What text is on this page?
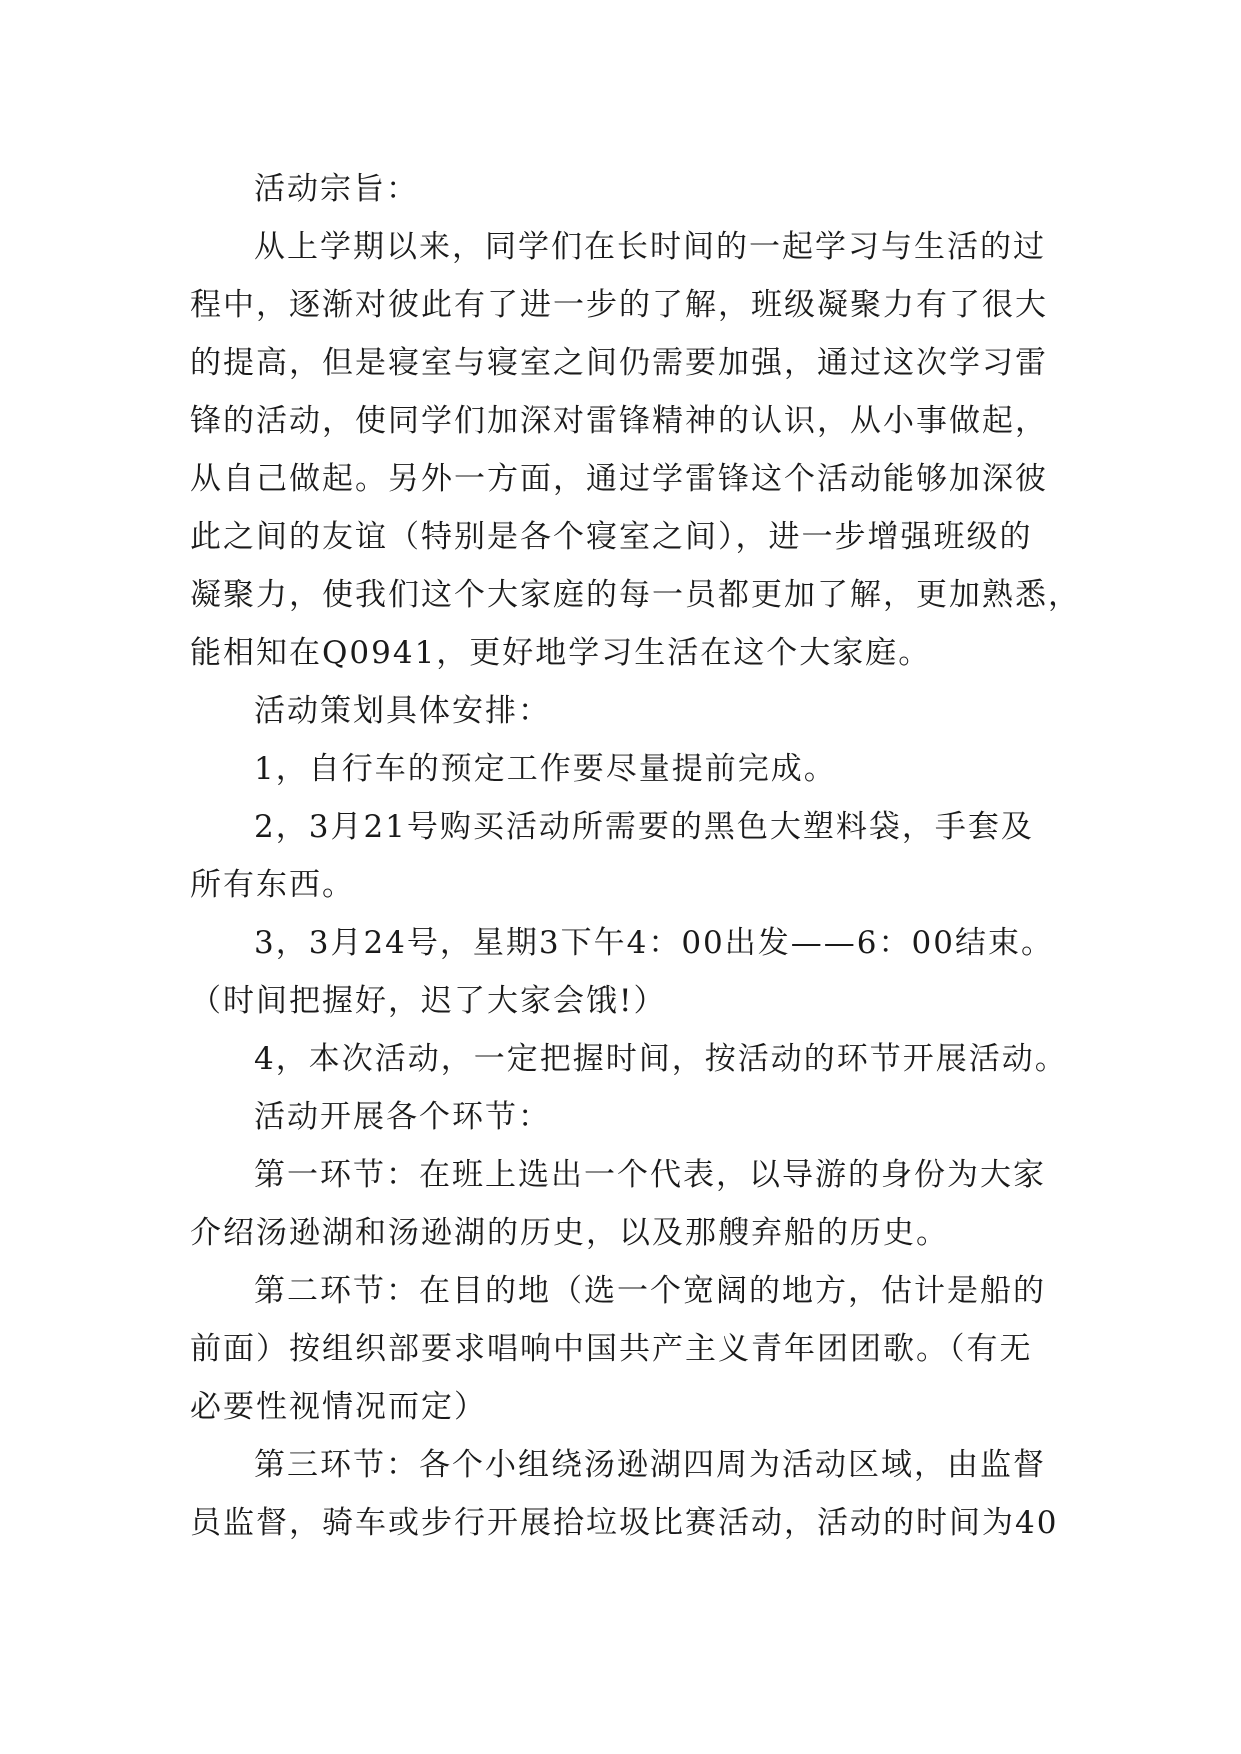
活动宗旨：
从上学期以来，同学们在长时间的一起学习与生活的过
程中，逐渐对彼此有了进一步的了解，班级凝聚力有了很大
的提高，但是寝室与寝室之间仍需要加强，通过这次学习雷
锋的活动，使同学们加深对雷锋精神的认识，从小事做起，
从自己做起。另外一方面，通过学雷锋这个活动能够加深彼
此之间的友谊（特别是各个寝室之间），进一步增强班级的
凝聚力，使我们这个大家庭的每一员都更加了解，更加熟悉，
能相知在Q0941，更好地学习生活在这个大家庭。
活动策划具体安排：
1，自行车的预定工作要尽量提前完成。
2，3月21号购买活动所需要的黑色大塑料袋，手套及
所有东西。
3，3月24号，星期3下午4：00出发——6：00结束。
（时间把握好，迟了大家会饿!）
4，本次活动，一定把握时间，按活动的环节开展活动。
活动开展各个环节：
第一环节：在班上选出一个代表，以导游的身份为大家
介绍汤逊湖和汤逊湖的历史，以及那艘弃船的历史。
第二环节：在目的地（选一个宽阔的地方，估计是船的
前面）按组织部要求唱响中国共产主义青年团团歌。（有无
必要性视情况而定）
第三环节：各个小组绕汤逊湖四周为活动区域，由监督
员监督，骑车或步行开展拾垃圾比赛活动，活动的时间为40
